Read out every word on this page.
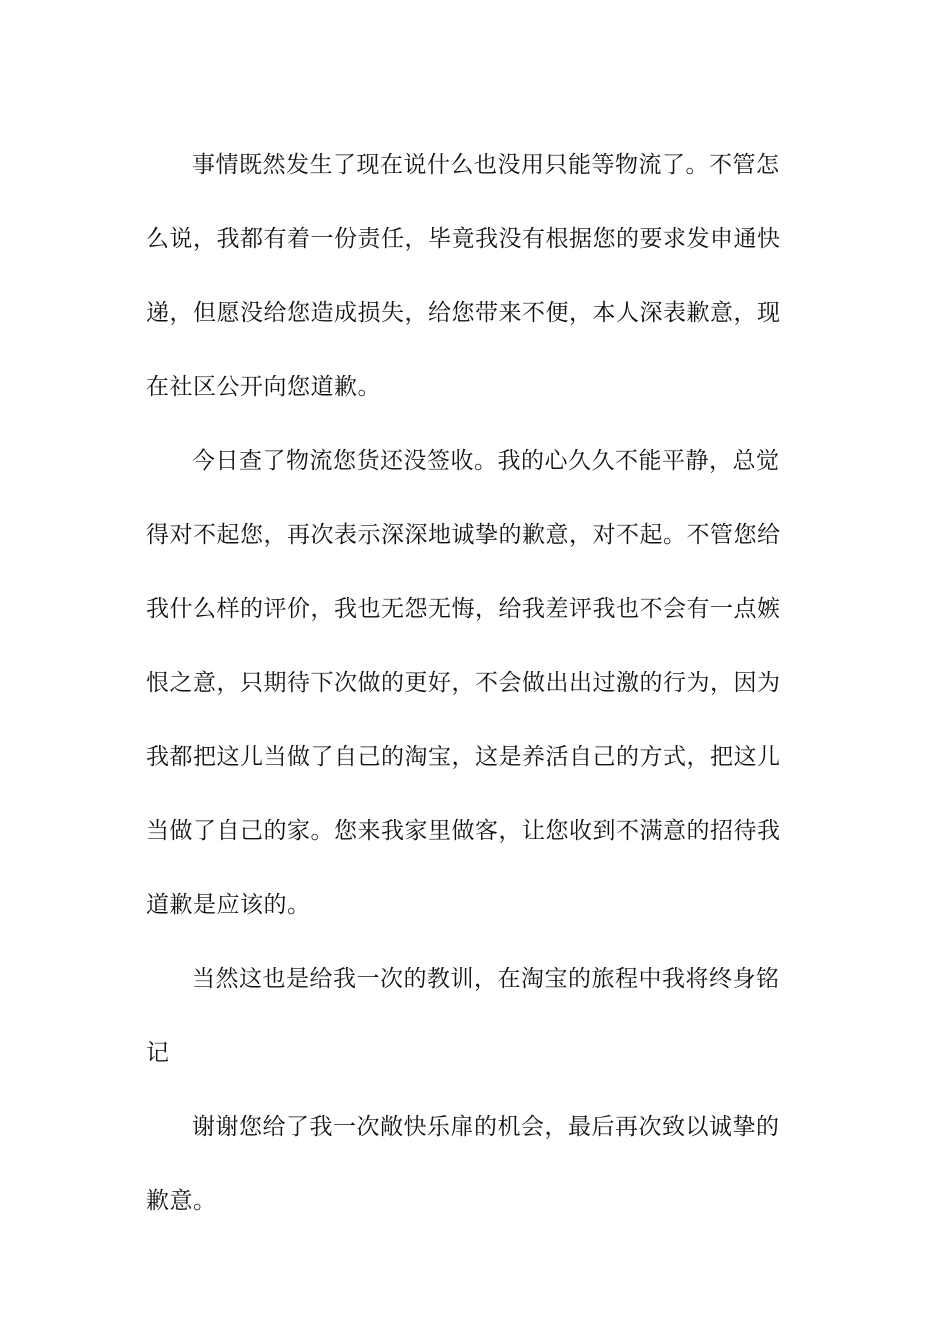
事情既然发生了现在说什么也没用只能等物流了。不管怎
么说，我都有着一份责任，毕竟我没有根据您的要求发申通快
递，但愿没给您造成损失，给您带来不便，本人深表歉意，现
在社区公开向您道歉。

今日查了物流您货还没签收。我的心久久不能平静，总觉
得对不起您，再次表示深深地诚挚的歉意，对不起。不管您给
我什么样的评价，我也无怨无悔，给我差评我也不会有一点嫉
恨之意，只期待下次做的更好，不会做出出过激的行为，因为
我都把这儿当做了自己的淘宝，这是养活自己的方式，把这儿
当做了自己的家。您来我家里做客，让您收到不满意的招待我
道歉是应该的。

当然这也是给我一次的教训，在淘宝的旅程中我将终身铭
记

谢谢您给了我一次敞快乐扉的机会，最后再次致以诚挚的
歉意。
